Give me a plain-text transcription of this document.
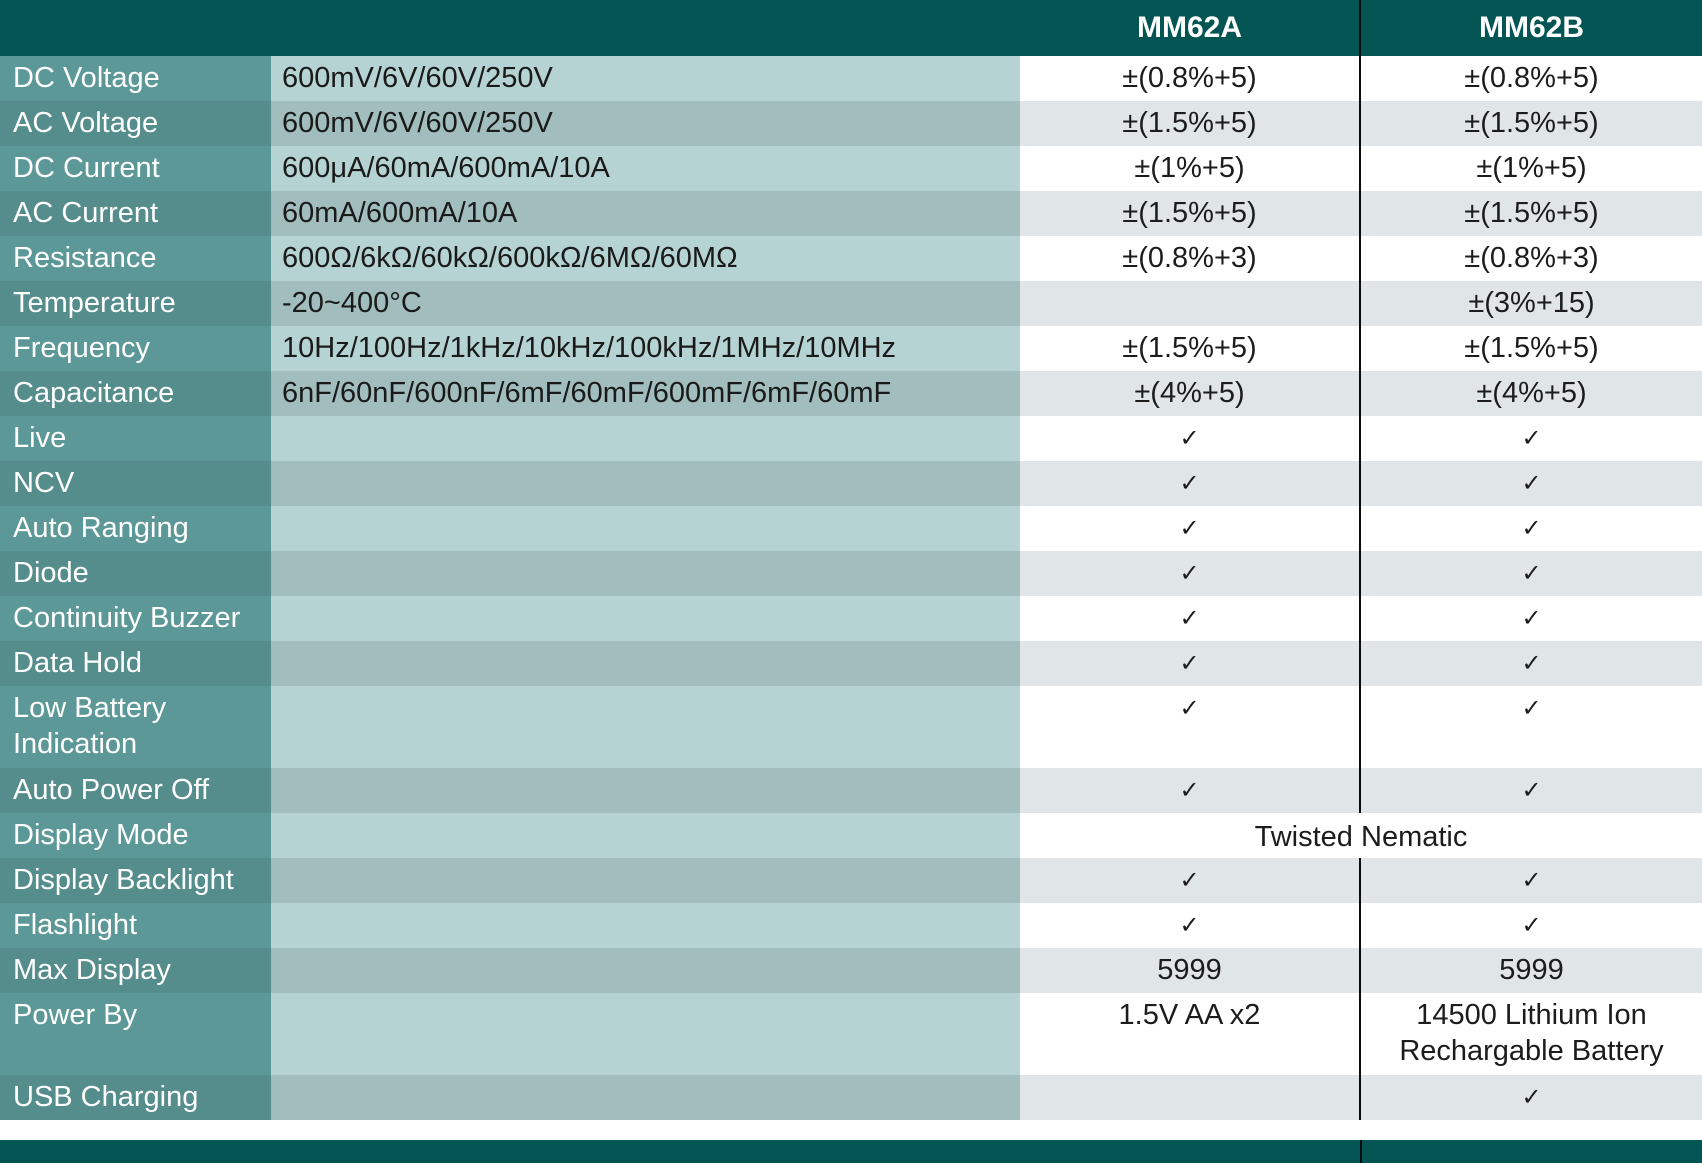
		MM62A	MM62B
DC Voltage	600mV/6V/60V/250V	±(0.8%+5)	±(0.8%+5)
AC Voltage	600mV/6V/60V/250V	±(1.5%+5)	±(1.5%+5)
DC Current	600μA/60mA/600mA/10A	±(1%+5)	±(1%+5)
AC Current	60mA/600mA/10A	±(1.5%+5)	±(1.5%+5)
Resistance	600Ω/6kΩ/60kΩ/600kΩ/6MΩ/60MΩ	±(0.8%+3)	±(0.8%+3)
Temperature	-20~400°C		±(3%+15)
Frequency	10Hz/100Hz/1kHz/10kHz/100kHz/1MHz/10MHz	±(1.5%+5)	±(1.5%+5)
Capacitance	6nF/60nF/600nF/6mF/60mF/600mF/6mF/60mF	±(4%+5)	±(4%+5)
Live		✓	✓
NCV		✓	✓
Auto Ranging		✓	✓
Diode		✓	✓
Continuity Buzzer		✓	✓
Data Hold		✓	✓
Low Battery Indication		✓	✓
Auto Power Off		✓	✓
Display Mode		Twisted Nematic	
Display Backlight		✓	✓
Flashlight		✓	✓
Max Display		5999	5999
Power By		1.5V AA x2	14500 Lithium Ion Rechargable Battery
USB Charging			✓
